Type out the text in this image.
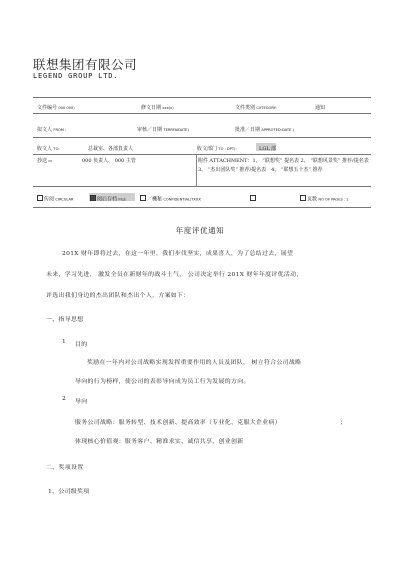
联想集团有限公司
LEGEND GROUP LTD.
文件编号 000 000)	修文日期 xxx(x)	文件类别 CXTEGORY:	通知
拟文人 FROM :	审核／日期 TERRFAIDATE)	批准／日期 APPROTED:DATE )
收文人 TO:	总裁室、各部負责人	收文部门 TO : DPT):	LGL 部
抄送 cc	000 负责人、 000 主管	附件 ATTACHMENT：1、 “联想奖” 提名表 2、 “联想风景奖” 推荐/提名表　3、 “杰出团队奖” 推荐/提名表　4、 “联想五十杰” 推荐
传阅 CIRCULAR	阅后存档 FILE	／機秘 CONFIDENTIAL/TXXX	页数 NO OF PAGES : 1
年度评优通知
201X 财年即将过去，在这一年里，我们步伐坚实，成果喜人，为了总结过去，展望
未来，学习先进， 激发全员在新财年的战斗士气， 公司决定举行 201X 财年年度评优活动，
评选出我们身边的杰出团队和杰出个人，方案如下：
一、指导思想
1 目的
奖励在一年内对公司战略实现发挥重要作用的人员及团队， 树立符合公司战略
导向的行为榜样，使公司的表彰导向成为员工行为发展的方向。
2 导向
服务公司战略：服务转型、技术创新、提高效率（专业化、克服大企业病）	；
体现核心价值观：服务客户、精准求实、诚信共享、创业创新
二、奖项设置
1、公司级奖项
